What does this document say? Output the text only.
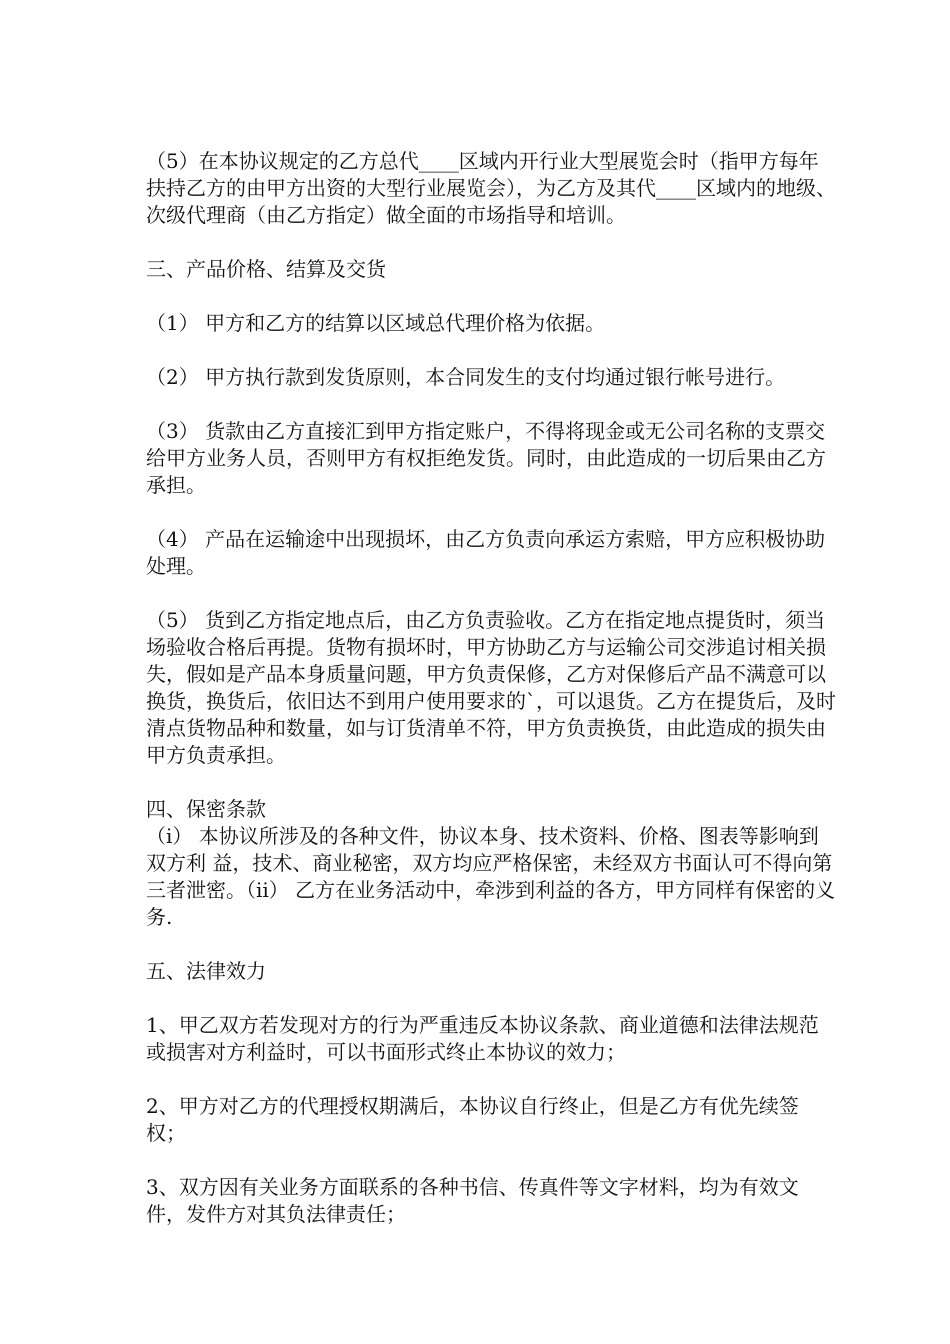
（5）在本协议规定的乙方总代____区域内开行业大型展览会时（指甲方每年扶持乙方的由甲方出资的大型行业展览会），为乙方及其代____区域内的地级、次级代理商（由乙方指定）做全面的市场指导和培训。

三、产品价格、结算及交货

（1） 甲方和乙方的结算以区域总代理价格为依据。

（2） 甲方执行款到发货原则，本合同发生的支付均通过银行帐号进行。

（3） 货款由乙方直接汇到甲方指定账户，不得将现金或无公司名称的支票交给甲方业务人员，否则甲方有权拒绝发货。同时，由此造成的一切后果由乙方承担。

（4） 产品在运输途中出现损坏，由乙方负责向承运方索赔，甲方应积极协助处理。

（5） 货到乙方指定地点后，由乙方负责验收。乙方在指定地点提货时，须当场验收合格后再提。货物有损坏时，甲方协助乙方与运输公司交涉追讨相关损失，假如是产品本身质量问题，甲方负责保修，乙方对保修后产品不满意可以换货，换货后，依旧达不到用户使用要求的`，可以退货。乙方在提货后，及时清点货物品种和数量，如与订货清单不符，甲方负责换货，由此造成的损失由甲方负责承担。

四、保密条款

（ⅰ） 本协议所涉及的各种文件，协议本身、技术资料、价格、图表等影响到双方利 益，技术、商业秘密，双方均应严格保密，未经双方书面认可不得向第三者泄密。（ⅱ） 乙方在业务活动中，牵涉到利益的各方，甲方同样有保密的义务.

五、法律效力

1、甲乙双方若发现对方的行为严重违反本协议条款、商业道德和法律法规范或损害对方利益时，可以书面形式终止本协议的效力；

2、甲方对乙方的代理授权期满后，本协议自行终止，但是乙方有优先续签权；

3、双方因有关业务方面联系的各种书信、传真件等文字材料，均为有效文件，发件方对其负法律责任；
